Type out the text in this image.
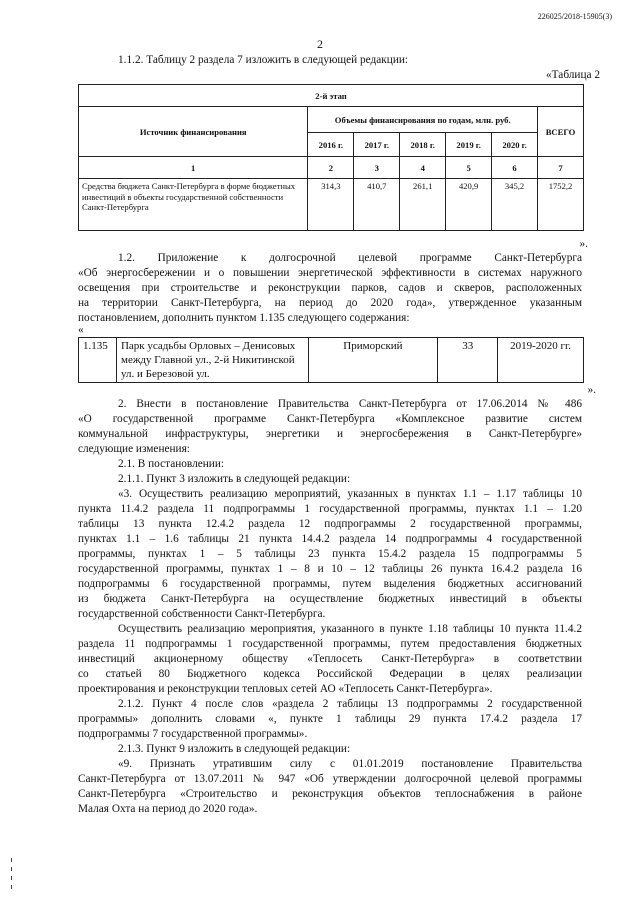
226025/2018-15905(3)
2
1.1.2. Таблицу 2 раздела 7 изложить в следующей редакции:
«Таблица 2
2-й этап						
Источник финансирования	Объемы финансирования по годам, млн. руб.					ВСЕГО
	2016 г.	2017 г.	2018 г.	2019 г.	2020 г.	
1	2	3	4	5	6	7
Средства бюджета Санкт-Петербурга в форме бюджетных инвестиций в объекты государственной собственности Санкт-Петербурга	314,3	410,7	261,1	420,9	345,2	1752,2
».
1.2. Приложение к долгосрочной целевой программе Санкт-Петербурга
«Об энергосбережении и о повышении энергетической эффективности в системах наружного
освещения при строительстве и реконструкции парков, садов и скверов, расположенных
на территории Санкт-Петербурга, на период до 2020 года», утвержденное указанным
постановлением, дополнить пунктом 1.135 следующего содержания:
«
1.135	Парк усадьбы Орловых – Денисовых между Главной ул., 2-й Никитинской ул. и Березовой ул.	Приморский	33	2019-2020 гг.
».
2. Внести в постановление Правительства Санкт-Петербурга от 17.06.2014 № 486
«О государственной программе Санкт-Петербурга «Комплексное развитие систем
коммунальной инфраструктуры, энергетики и энергосбережения в Санкт-Петербурге»
следующие изменения:
2.1. В постановлении:
2.1.1. Пункт 3 изложить в следующей редакции:
«3. Осуществить реализацию мероприятий, указанных в пунктах 1.1 – 1.17 таблицы 10
пункта 11.4.2 раздела 11 подпрограммы 1 государственной программы, пунктах 1.1 – 1.20
таблицы 13 пункта 12.4.2 раздела 12 подпрограммы 2 государственной программы,
пунктах 1.1 – 1.6 таблицы 21 пункта 14.4.2 раздела 14 подпрограммы 4 государственной
программы, пунктах 1 – 5 таблицы 23 пункта 15.4.2 раздела 15 подпрограммы 5
государственной программы, пунктах 1 – 8 и 10 – 12 таблицы 26 пункта 16.4.2 раздела 16
подпрограммы 6 государственной программы, путем выделения бюджетных ассигнований
из бюджета Санкт-Петербурга на осуществление бюджетных инвестиций в объекты
государственной собственности Санкт-Петербурга.
Осуществить реализацию мероприятия, указанного в пункте 1.18 таблицы 10 пункта 11.4.2
раздела 11 подпрограммы 1 государственной программы, путем предоставления бюджетных
инвестиций акционерному обществу «Теплосеть Санкт-Петербурга» в соответствии
со статьей 80 Бюджетного кодекса Российской Федерации в целях реализации
проектирования и реконструкции тепловых сетей АО «Теплосеть Санкт-Петербурга».
2.1.2. Пункт 4 после слов «раздела 2 таблицы 13 подпрограммы 2 государственной
программы» дополнить словами «, пункте 1 таблицы 29 пункта 17.4.2 раздела 17
подпрограммы 7 государственной программы».
2.1.3. Пункт 9 изложить в следующей редакции:
«9. Признать утратившим силу с 01.01.2019 постановление Правительства
Санкт-Петербурга от 13.07.2011 № 947 «Об утверждении долгосрочной целевой программы
Санкт-Петербурга «Строительство и реконструкция объектов теплоснабжения в районе
Малая Охта на период до 2020 года».
